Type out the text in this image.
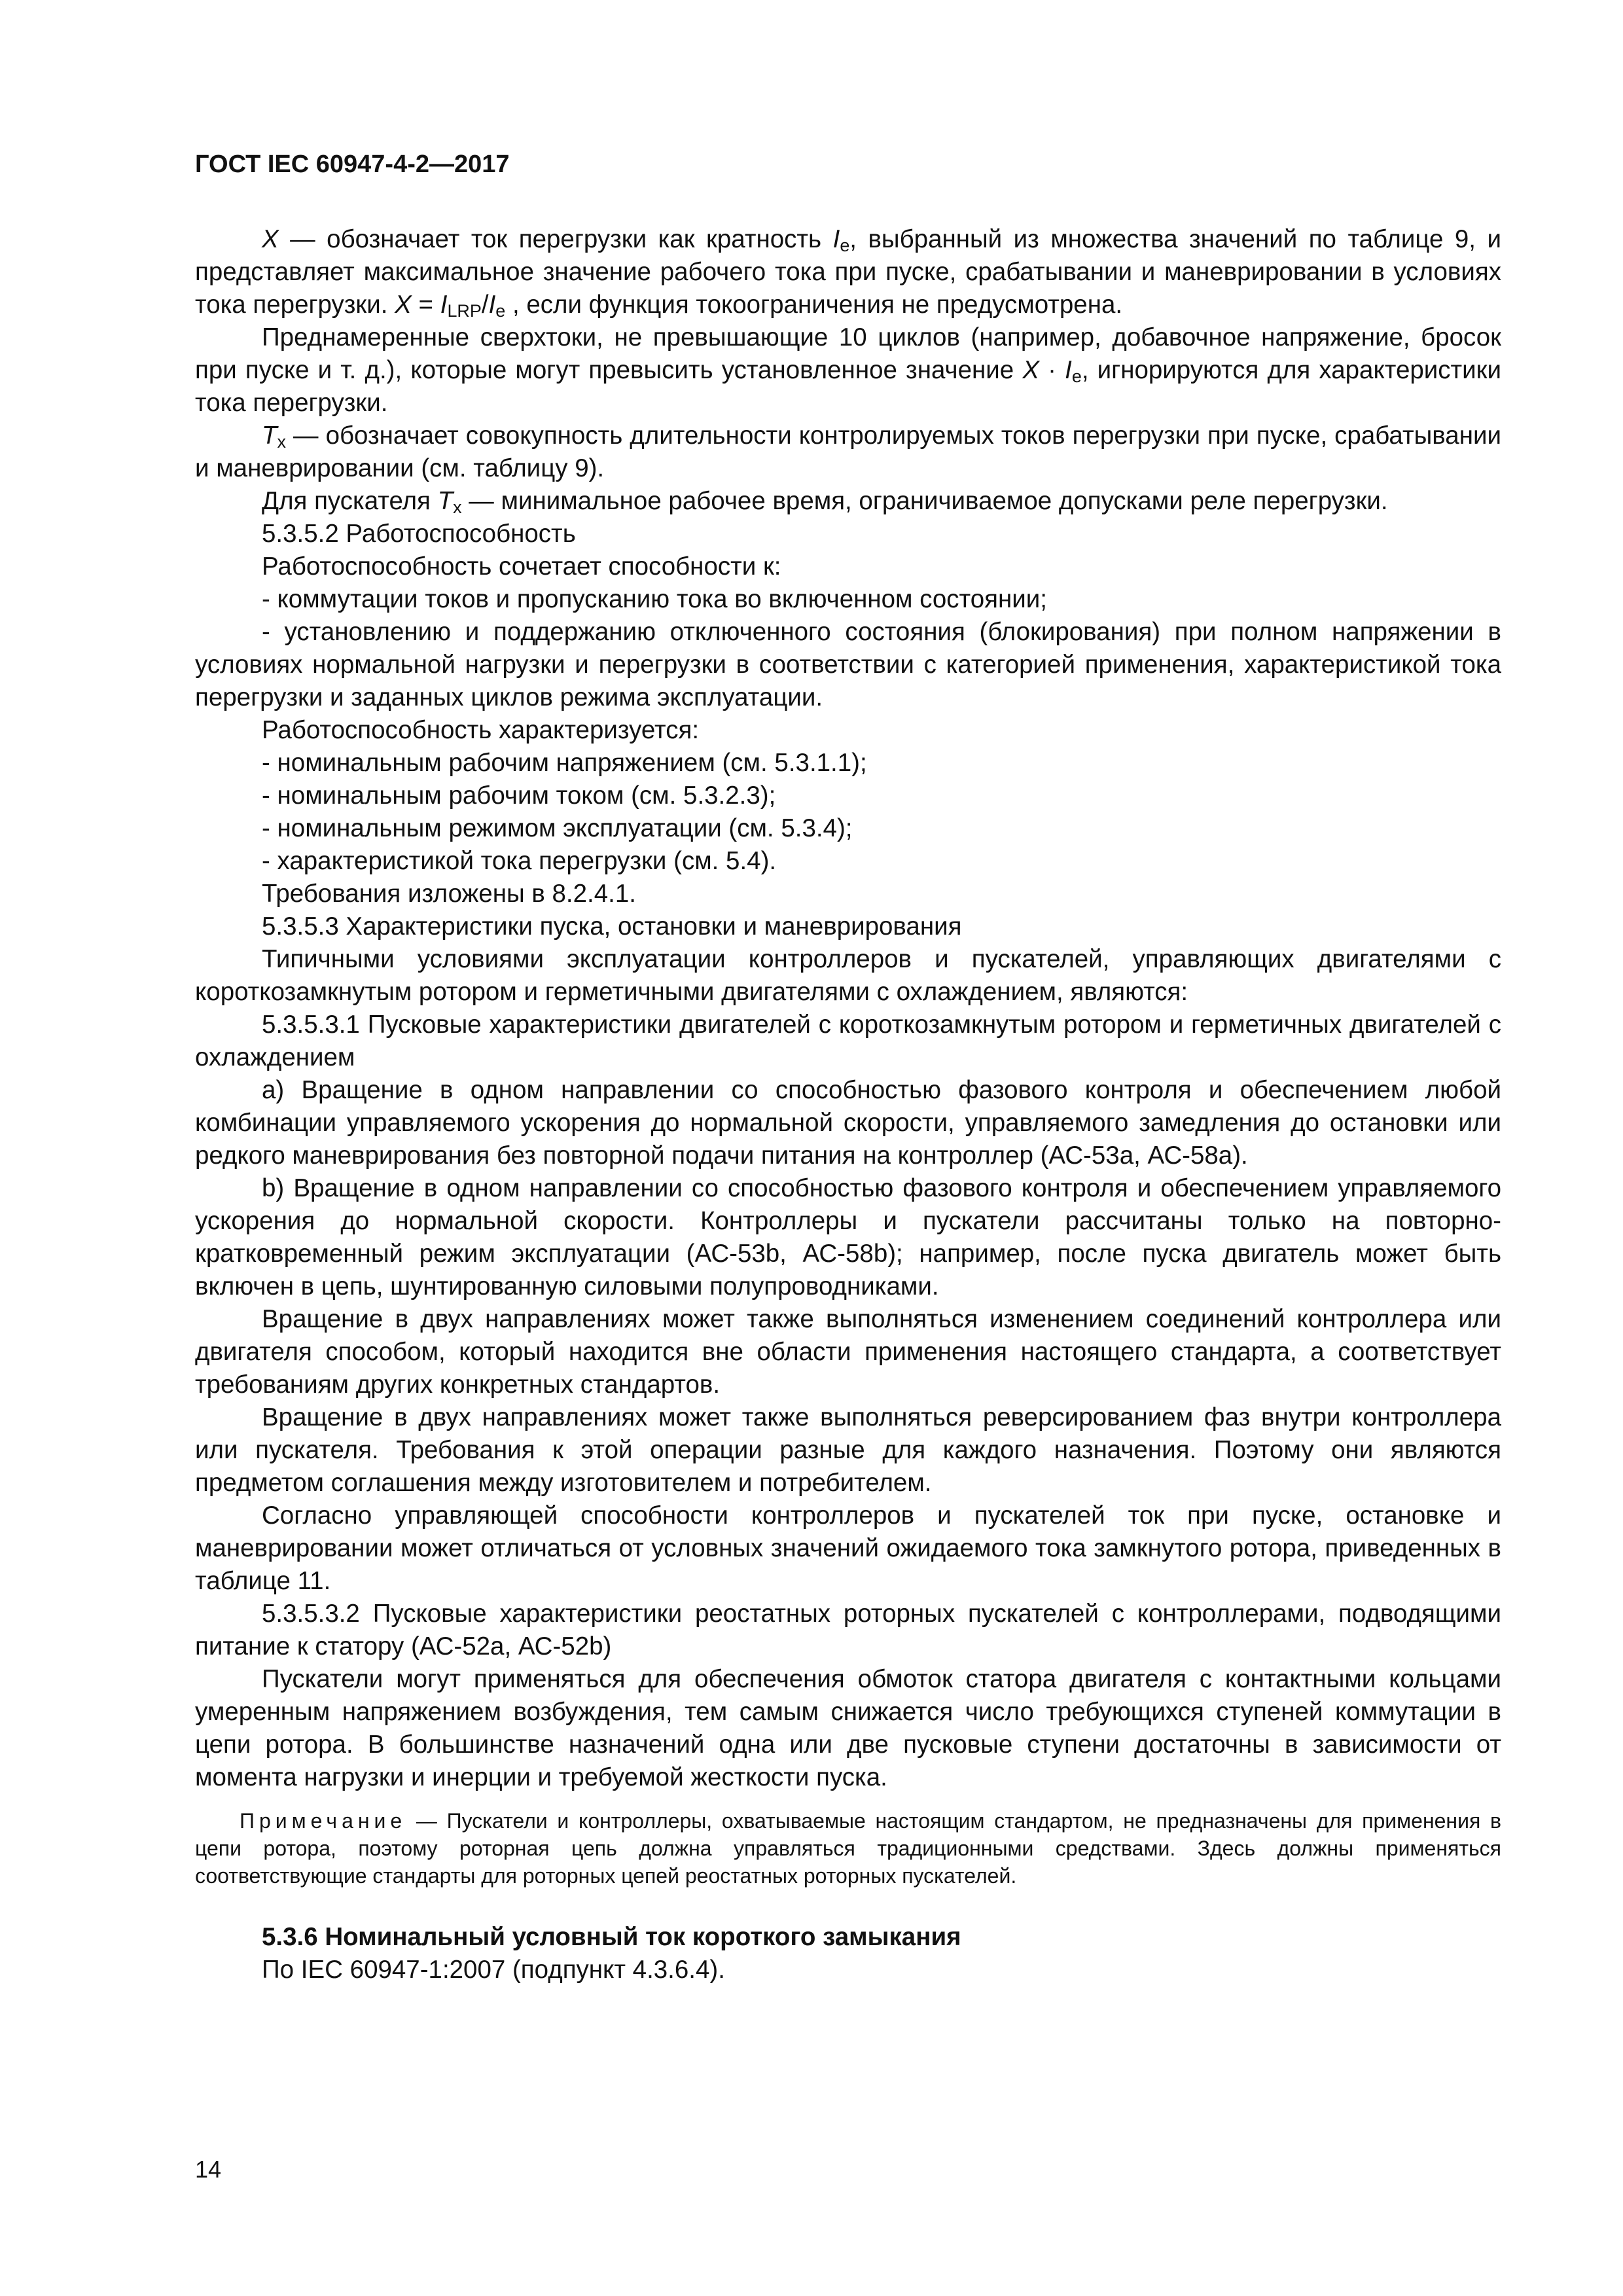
ГОСТ IEC 60947-4-2—2017

X — обозначает ток перегрузки как кратность $I_e$, выбранный из множества значений по таблице 9, и представляет максимальное значение рабочего тока при пуске, срабатывании и маневрировании в условиях тока перегрузки. $X = I_{LRP}/I_e$ , если функция токоограничения не предусмотрена.

Преднамеренные сверхтоки, не превышающие 10 циклов (например, добавочное напряжение, бросок при пуске и т. д.), которые могут превысить установленное значение $X \cdot I_e$, игнорируются для характеристики тока перегрузки.

$T_x$ — обозначает совокупность длительности контролируемых токов перегрузки при пуске, срабатывании и маневрировании (см. таблицу 9).

Для пускателя $T_x$ — минимальное рабочее время, ограничиваемое допусками реле перегрузки.

5.3.5.2 Работоспособность

Работоспособность сочетает способности к:

- коммутации токов и пропусканию тока во включенном состоянии;

- установлению и поддержанию отключенного состояния (блокирования) при полном напряжении в условиях нормальной нагрузки и перегрузки в соответствии с категорией применения, характеристикой тока перегрузки и заданных циклов режима эксплуатации.

Работоспособность характеризуется:

- номинальным рабочим напряжением (см. 5.3.1.1);

- номинальным рабочим током (см. 5.3.2.3);

- номинальным режимом эксплуатации (см. 5.3.4);

- характеристикой тока перегрузки (см. 5.4).

Требования изложены в 8.2.4.1.

5.3.5.3 Характеристики пуска, остановки и маневрирования

Типичными условиями эксплуатации контроллеров и пускателей, управляющих двигателями с короткозамкнутым ротором и герметичными двигателями с охлаждением, являются:

5.3.5.3.1 Пусковые характеристики двигателей с короткозамкнутым ротором и герметичных двигателей с охлаждением

a) Вращение в одном направлении со способностью фазового контроля и обеспечением любой комбинации управляемого ускорения до нормальной скорости, управляемого замедления до остановки или редкого маневрирования без повторной подачи питания на контроллер (АС-53а, АС-58а).

b) Вращение в одном направлении со способностью фазового контроля и обеспечением управляемого ускорения до нормальной скорости. Контроллеры и пускатели рассчитаны только на повторно-кратковременный режим эксплуатации (АС-53b, АС-58b); например, после пуска двигатель может быть включен в цепь, шунтированную силовыми полупроводниками.

Вращение в двух направлениях может также выполняться изменением соединений контроллера или двигателя способом, который находится вне области применения настоящего стандарта, а соответствует требованиям других конкретных стандартов.

Вращение в двух направлениях может также выполняться реверсированием фаз внутри контроллера или пускателя. Требования к этой операции разные для каждого назначения. Поэтому они являются предметом соглашения между изготовителем и потребителем.

Согласно управляющей способности контроллеров и пускателей ток при пуске, остановке и маневрировании может отличаться от условных значений ожидаемого тока замкнутого ротора, приведенных в таблице 11.

5.3.5.3.2 Пусковые характеристики реостатных роторных пускателей с контроллерами, подводящими питание к статору (АС-52а, АС-52b)

Пускатели могут применяться для обеспечения обмоток статора двигателя с контактными кольцами умеренным напряжением возбуждения, тем самым снижается число требующихся ступеней коммутации в цепи ротора. В большинстве назначений одна или две пусковые ступени достаточны в зависимости от момента нагрузки и инерции и требуемой жесткости пуска.

Примечание — Пускатели и контроллеры, охватываемые настоящим стандартом, не предназначены для применения в цепи ротора, поэтому роторная цепь должна управляться традиционными средствами. Здесь должны применяться соответствующие стандарты для роторных цепей реостатных роторных пускателей.

5.3.6 Номинальный условный ток короткого замыкания

По IEC 60947-1:2007 (подпункт 4.3.6.4).

14
